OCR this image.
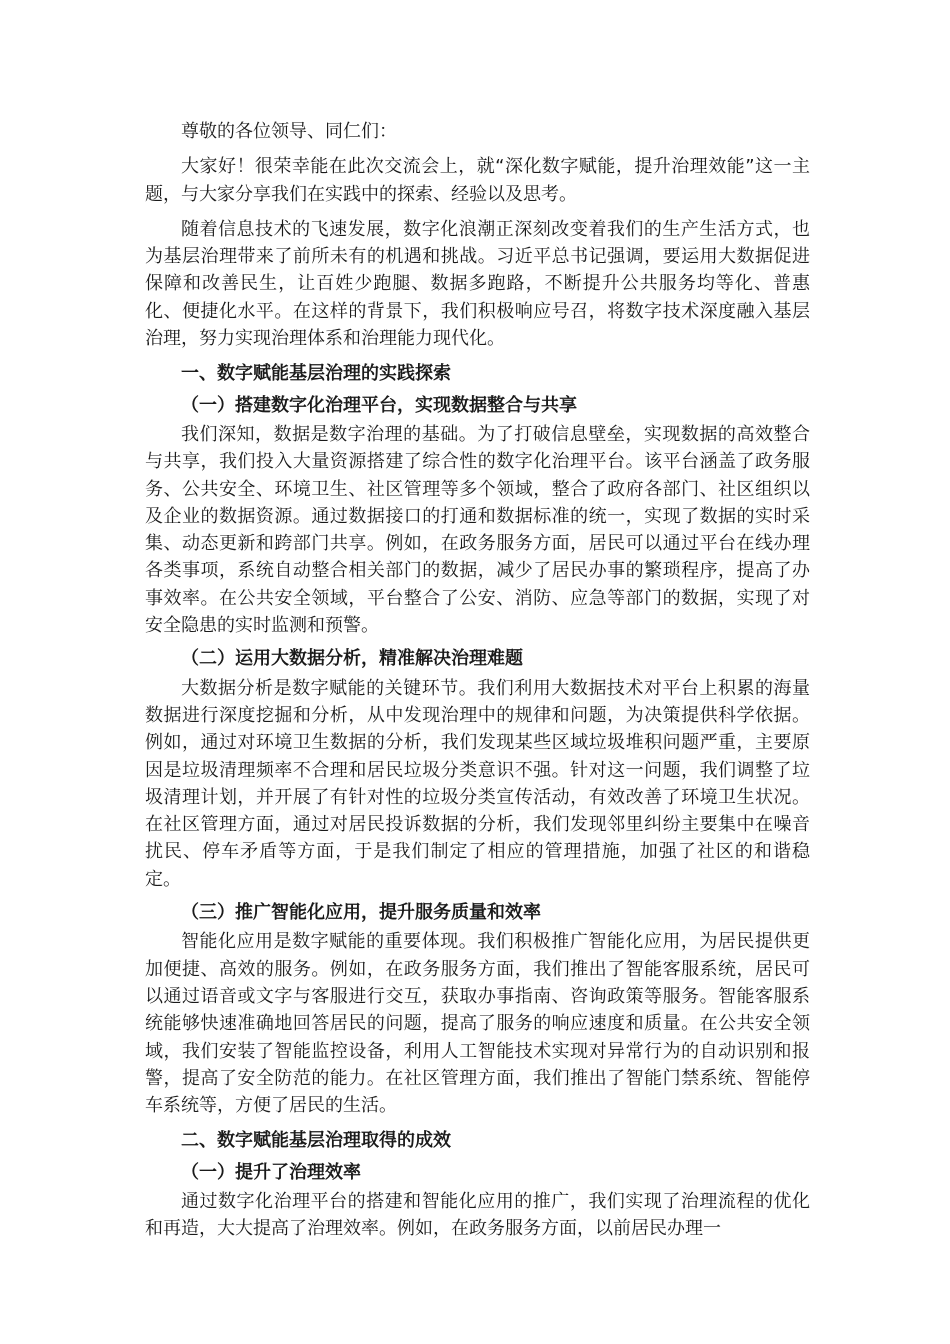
尊敬的各位领导、同仁们：

大家好！很荣幸能在此次交流会上，就“深化数字赋能，提升治理效能”这一主题，与大家分享我们在实践中的探索、经验以及思考。

随着信息技术的飞速发展，数字化浪潮正深刻改变着我们的生产生活方式，也为基层治理带来了前所未有的机遇和挑战。习近平总书记强调，要运用大数据促进保障和改善民生，让百姓少跑腿、数据多跑路，不断提升公共服务均等化、普惠化、便捷化水平。在这样的背景下，我们积极响应号召，将数字技术深度融入基层治理，努力实现治理体系和治理能力现代化。

一、数字赋能基层治理的实践探索
（一）搭建数字化治理平台，实现数据整合与共享

我们深知，数据是数字治理的基础。为了打破信息壁垒，实现数据的高效整合与共享，我们投入大量资源搭建了综合性的数字化治理平台。该平台涵盖了政务服务、公共安全、环境卫生、社区管理等多个领域，整合了政府各部门、社区组织以及企业的数据资源。通过数据接口的打通和数据标准的统一，实现了数据的实时采集、动态更新和跨部门共享。例如，在政务服务方面，居民可以通过平台在线办理各类事项，系统自动整合相关部门的数据，减少了居民办事的繁琐程序，提高了办事效率。在公共安全领域，平台整合了公安、消防、应急等部门的数据，实现了对安全隐患的实时监测和预警。

（二）运用大数据分析，精准解决治理难题

大数据分析是数字赋能的关键环节。我们利用大数据技术对平台上积累的海量数据进行深度挖掘和分析，从中发现治理中的规律和问题，为决策提供科学依据。例如，通过对环境卫生数据的分析，我们发现某些区域垃圾堆积问题严重，主要原因是垃圾清理频率不合理和居民垃圾分类意识不强。针对这一问题，我们调整了垃圾清理计划，并开展了有针对性的垃圾分类宣传活动，有效改善了环境卫生状况。在社区管理方面，通过对居民投诉数据的分析，我们发现邻里纠纷主要集中在噪音扰民、停车矛盾等方面，于是我们制定了相应的管理措施，加强了社区的和谐稳定。

（三）推广智能化应用，提升服务质量和效率

智能化应用是数字赋能的重要体现。我们积极推广智能化应用，为居民提供更加便捷、高效的服务。例如，在政务服务方面，我们推出了智能客服系统，居民可以通过语音或文字与客服进行交互，获取办事指南、咨询政策等服务。智能客服系统能够快速准确地回答居民的问题，提高了服务的响应速度和质量。在公共安全领域，我们安装了智能监控设备，利用人工智能技术实现对异常行为的自动识别和报警，提高了安全防范的能力。在社区管理方面，我们推出了智能门禁系统、智能停车系统等，方便了居民的生活。

二、数字赋能基层治理取得的成效
（一）提升了治理效率

通过数字化治理平台的搭建和智能化应用的推广，我们实现了治理流程的优化和再造，大大提高了治理效率。例如，在政务服务方面，以前居民办理一
